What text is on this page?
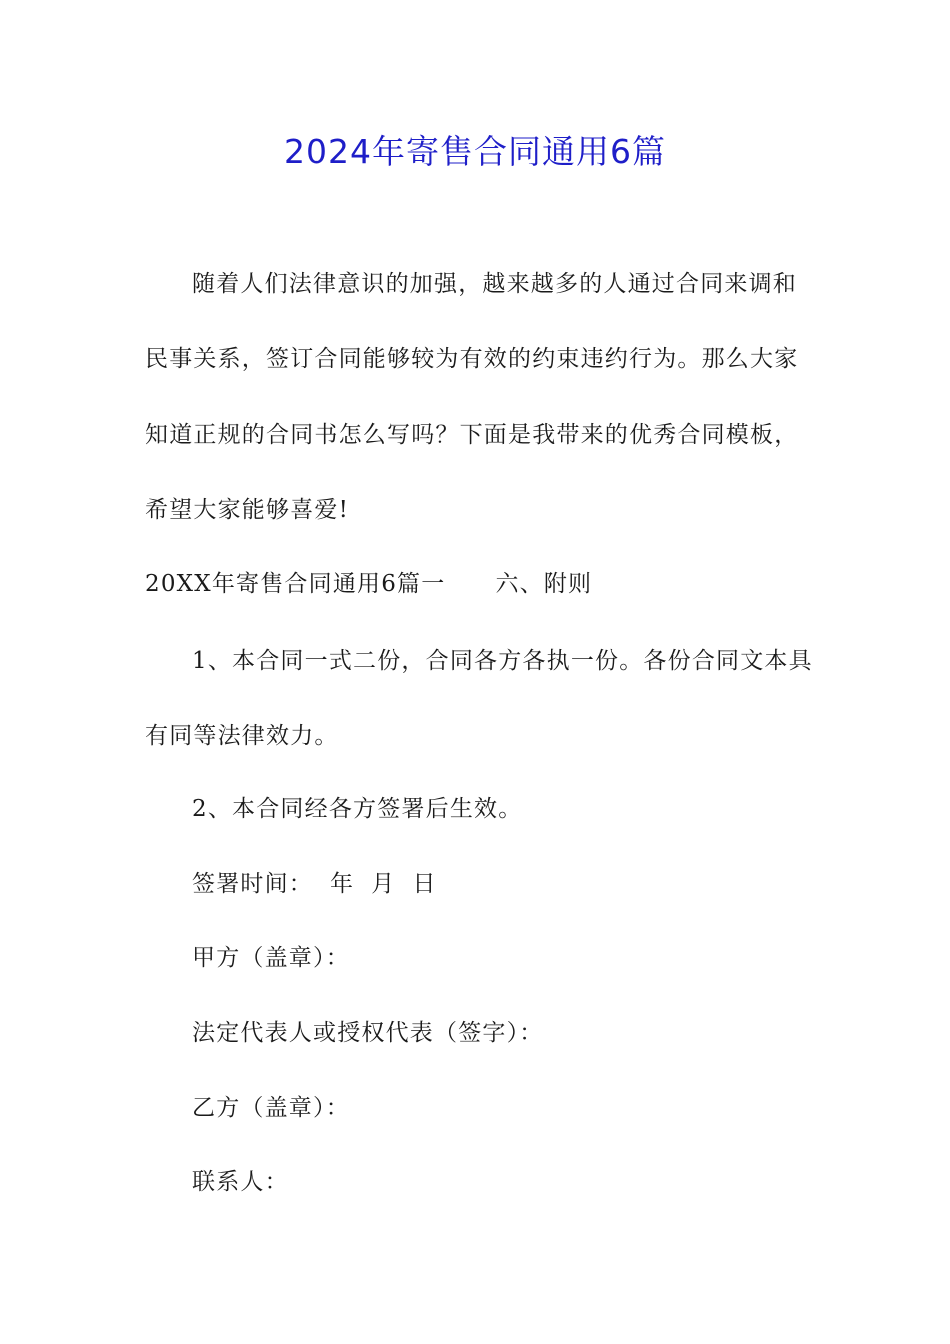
2024年寄售合同通用6篇
随着人们法律意识的加强，越来越多的人通过合同来调和
民事关系，签订合同能够较为有效的约束违约行为。那么大家
知道正规的合同书怎么写吗？下面是我带来的优秀合同模板，
希望大家能够喜爱!
20XX年寄售合同通用6篇一 六、附则
1、本合同一式二份，合同各方各执一份。各份合同文本具
有同等法律效力。
2、本合同经各方签署后生效。
签署时间：  年  月  日
甲方（盖章）：
法定代表人或授权代表（签字）：
乙方（盖章）：
联系人：
